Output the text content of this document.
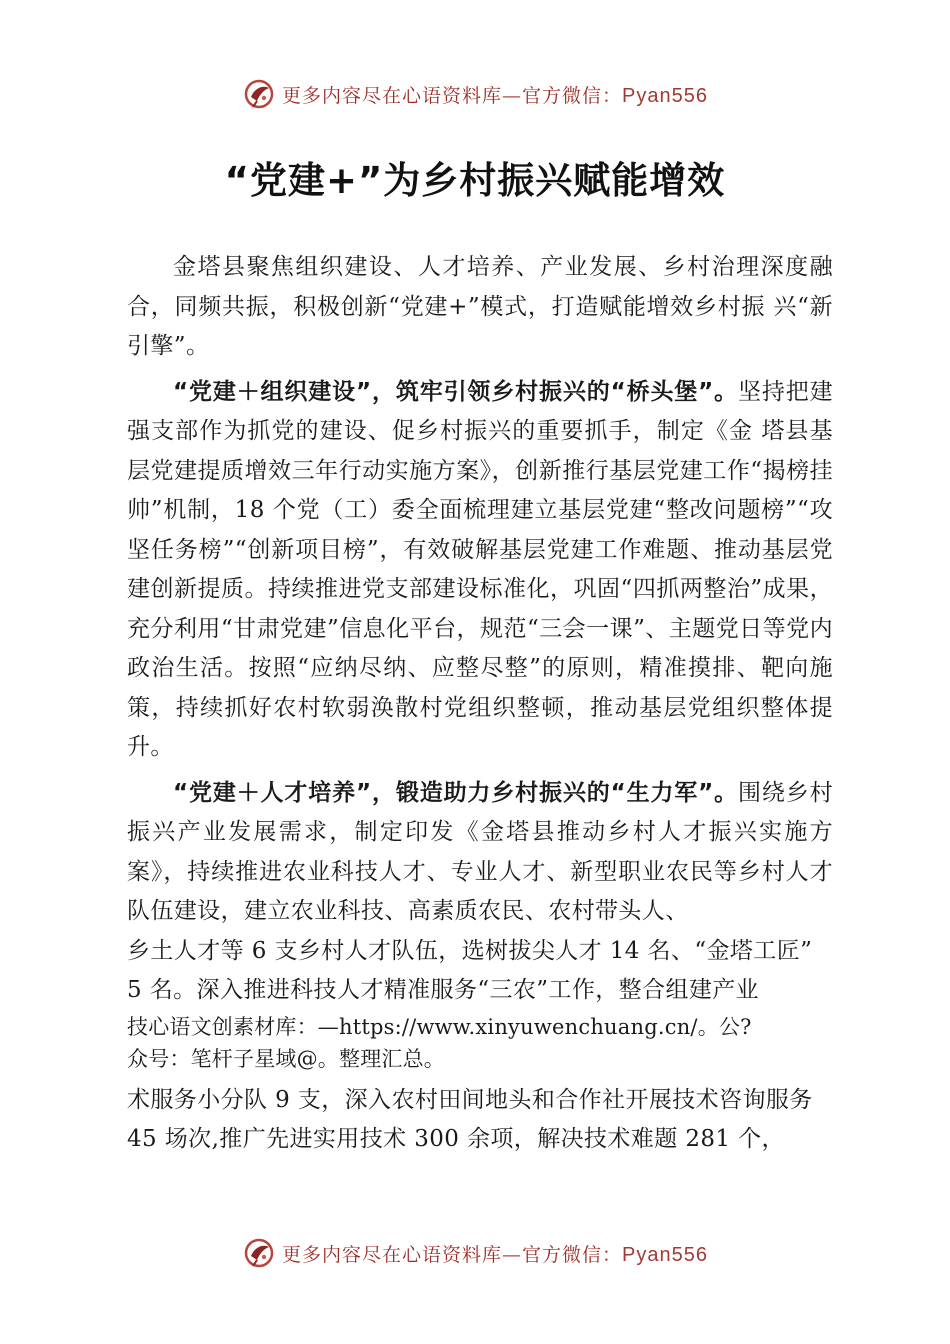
更多内容尽在心语资料库—官方微信：Pyan556
“党建+”为乡村振兴赋能增效

金塔县聚焦组织建设、人才培养、产业发展、乡村治理深度融合，同频共振，积极创新“党建+”模式，打造赋能增效乡村振 兴“新引擎”。

“党建＋组织建设”，筑牢引领乡村振兴的“桥头堡”。坚持把建强支部作为抓党的建设、促乡村振兴的重要抓手，制定《金 塔县基层党建提质增效三年行动实施方案》，创新推行基层党建工作“揭榜挂帅”机制，18 个党（工）委全面梳理建立基层党建“整改问题榜”“攻坚任务榜”“创新项目榜”，有效破解基层党建工作难题、推动基层党建创新提质。持续推进党支部建设标准化，巩固“四抓两整治”成果，充分利用“甘肃党建”信息化平台，规范“三会一课”、主题党日等党内政治生活。按照“应纳尽纳、应整尽整”的原则，精准摸排、靶向施策，持续抓好农村软弱涣散村党组织整顿，推动基层党组织整体提升。

“党建＋人才培养”，锻造助力乡村振兴的“生力军”。围绕乡村振兴产业发展需求，制定印发《金塔县推动乡村人才振兴实施方案》，持续推进农业科技人才、专业人才、新型职业农民等乡村人才队伍建设，建立农业科技、高素质农民、农村带头人、

乡土人才等 6 支乡村人才队伍，选树拔尖人才 14 名、“金塔工匠”

5 名。深入推进科技人才精准服务“三农”工作，整合组建产业

技心语文创素材库：—https://www.xinyuwenchuang.cn/。公?

众号：笔杆子星域@。整理汇总。

术服务小分队 9 支，深入农村田间地头和合作社开展技术咨询服务 45 场次,推广先进实用技术 300 余项，解决技术难题 281 个，

更多内容尽在心语资料库—官方微信：Pyan556
